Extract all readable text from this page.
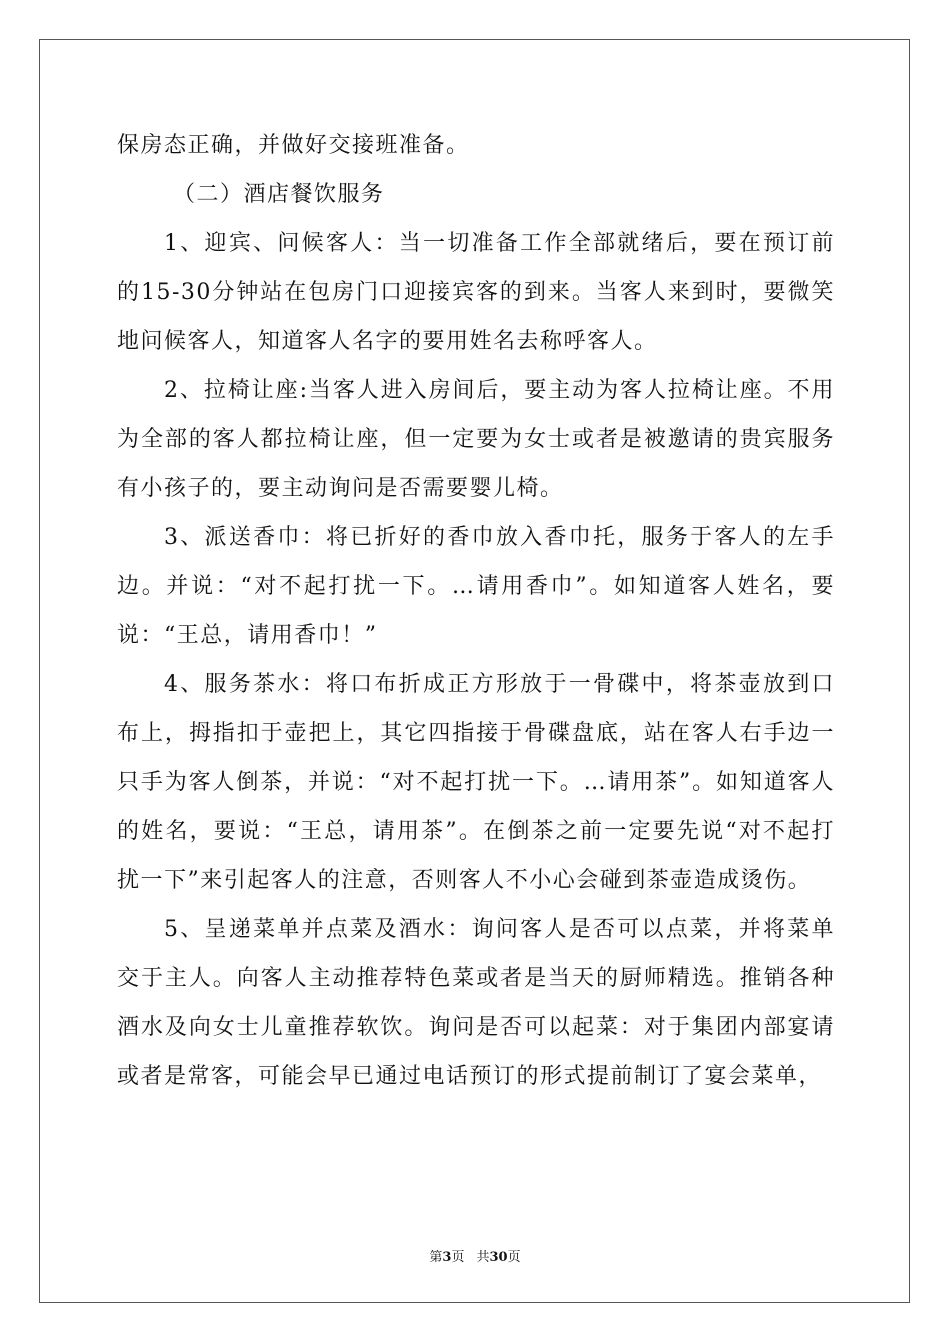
保房态正确，并做好交接班准备。

（二）酒店餐饮服务

1、迎宾、问候客人：当一切准备工作全部就绪后，要在预订前的15-30分钟站在包房门口迎接宾客的到来。当客人来到时，要微笑地问候客人，知道客人名字的要用姓名去称呼客人。

2、拉椅让座:当客人进入房间后，要主动为客人拉椅让座。不用为全部的客人都拉椅让座，但一定要为女士或者是被邀请的贵宾服务有小孩子的，要主动询问是否需要婴儿椅。

3、派送香巾：将已折好的香巾放入香巾托，服务于客人的左手边。并说：“对不起打扰一下。…请用香巾”。如知道客人姓名，要说：“王总，请用香巾！”

4、服务茶水：将口布折成正方形放于一骨碟中，将茶壶放到口布上，拇指扣于壶把上，其它四指接于骨碟盘底，站在客人右手边一只手为客人倒茶，并说：“对不起打扰一下。…请用茶”。如知道客人的姓名，要说：“王总，请用茶”。在倒茶之前一定要先说“对不起打扰一下”来引起客人的注意，否则客人不小心会碰到茶壶造成烫伤。

5、呈递菜单并点菜及酒水：询问客人是否可以点菜，并将菜单交于主人。向客人主动推荐特色菜或者是当天的厨师精选。推销各种酒水及向女士儿童推荐软饮。询问是否可以起菜：对于集团内部宴请或者是常客，可能会早已通过电话预订的形式提前制订了宴会菜单，

第3页 共30页
